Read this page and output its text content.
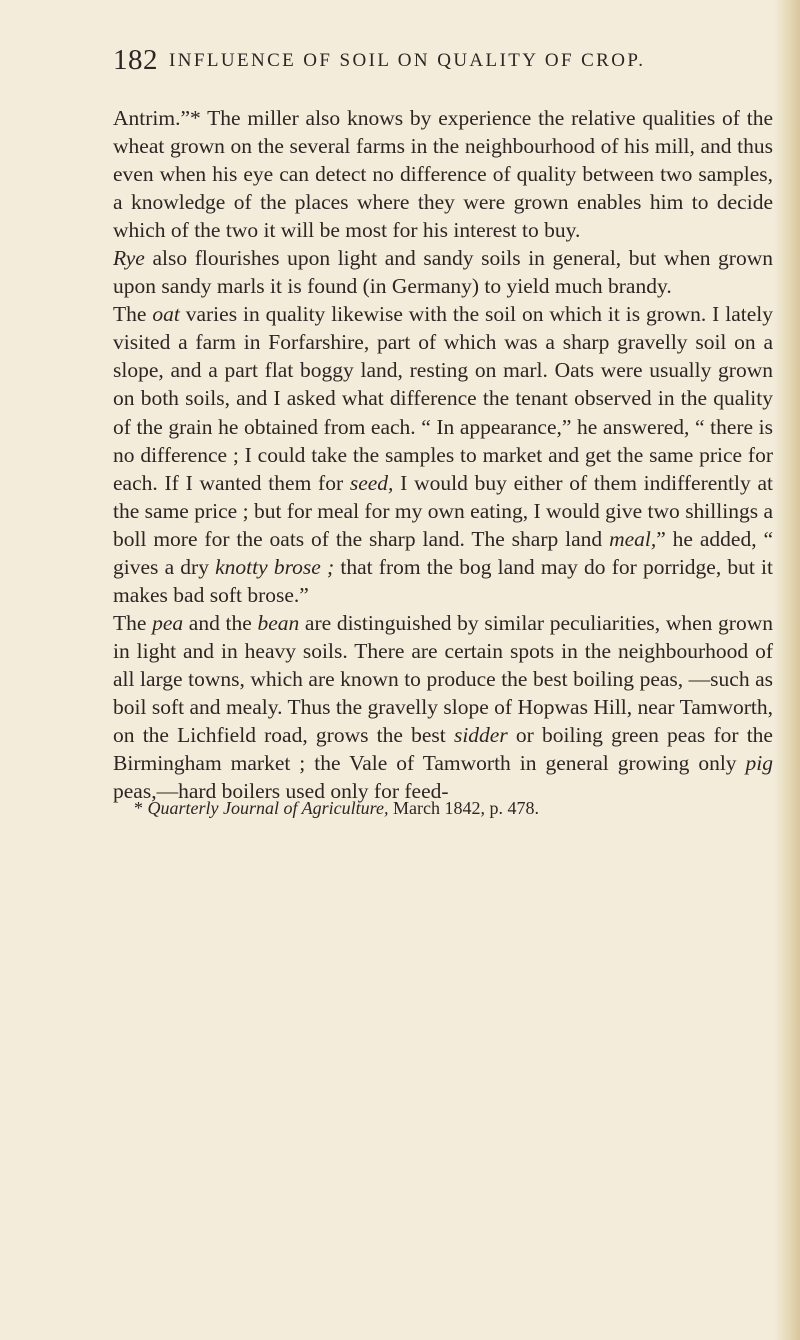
182 INFLUENCE OF SOIL ON QUALITY OF CROP.

Antrim.”* The miller also knows by experience the relative qualities of the wheat grown on the several farms in the neighbourhood of his mill, and thus even when his eye can detect no difference of quality between two samples, a knowledge of the places where they were grown enables him to decide which of the two it will be most for his interest to buy.

Rye also flourishes upon light and sandy soils in general, but when grown upon sandy marls it is found (in Germany) to yield much brandy.

The oat varies in quality likewise with the soil on which it is grown. I lately visited a farm in Forfarshire, part of which was a sharp gravelly soil on a slope, and a part flat boggy land, resting on marl. Oats were usually grown on both soils, and I asked what difference the tenant observed in the quality of the grain he obtained from each. “ In appearance,” he answered, “ there is no difference ; I could take the samples to market and get the same price for each. If I wanted them for seed, I would buy either of them indifferently at the same price ; but for meal for my own eating, I would give two shillings a boll more for the oats of the sharp land. The sharp land meal,” he added, “ gives a dry knotty brose ; that from the bog land may do for porridge, but it makes bad soft brose.”

The pea and the bean are distinguished by similar peculiarities, when grown in light and in heavy soils. There are certain spots in the neighbourhood of all large towns, which are known to produce the best boiling peas, —such as boil soft and mealy. Thus the gravelly slope of Hopwas Hill, near Tamworth, on the Lichfield road, grows the best sidder or boiling green peas for the Birmingham market ; the Vale of Tamworth in general growing only pig peas,—hard boilers used only for feed-

* Quarterly Journal of Agriculture, March 1842, p. 478.
